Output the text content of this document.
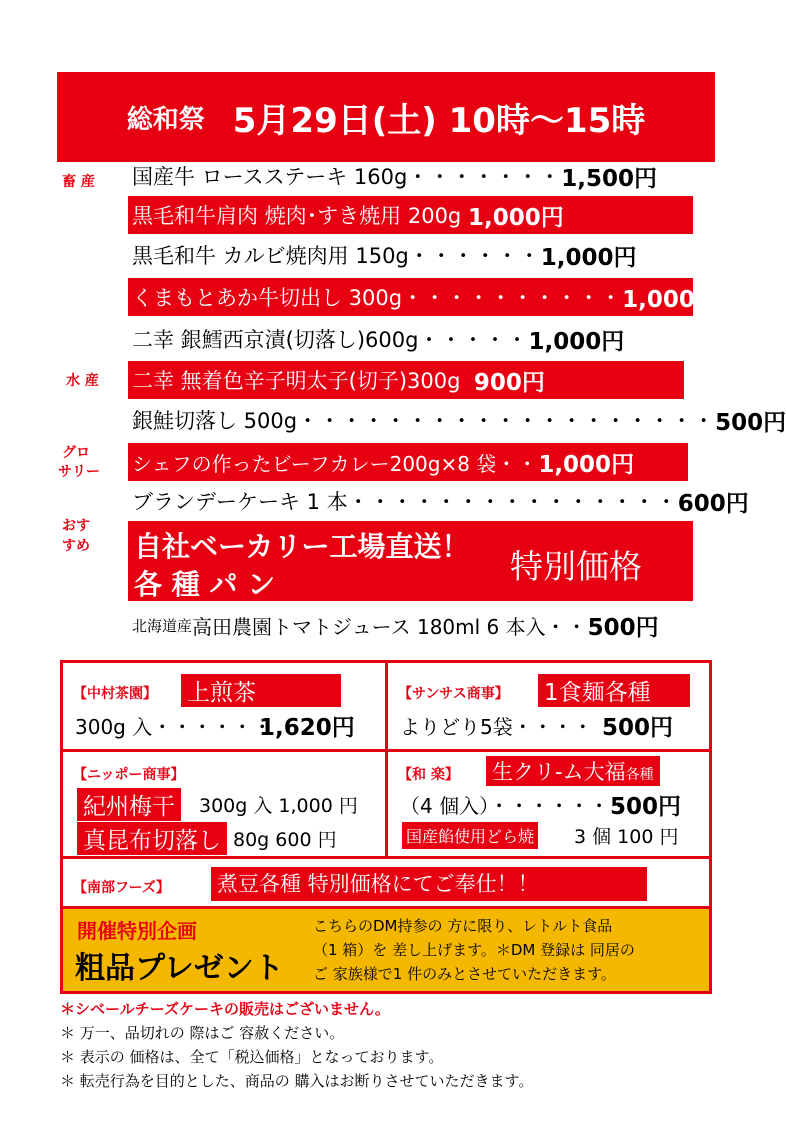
総和祭 5月29日(土) 10時〜15時
畜 産
水 産
グロ
サリー
おす
すめ
国産牛 ロースステーキ 160g ・・・・・・・ 1,500円
黒毛和牛肩肉 焼肉･すき焼用 200g
1,000円
黒毛和牛 カルビ焼肉用 150g ・・・・・・ 1,000円
くまもとあか牛切出し 300g ・・・・・・・・・・ 1,000円
二幸 銀鱈西京漬(切落し)600g ・・・・・ 1,000円
二幸 無着色辛子明太子(切子)300g
900円
銀鮭切落し 500g ・・・・・・・・・・・・・・・・・・・ 500円
シェフの作ったビーフカレー200g×8 袋 ・・ 1,000円
ブランデーケーキ 1 本 ・・・・・・・・・・・・・・・ 600円
自社ベーカリー工場直送！
各 種 パ ン	特別価格
北海道産 高田農園トマトジュース 180ml 6 本入 ・・ 500円
【中村茶園】 上煎茶
300g 入・・・・・・
1,620円
【サンサス商事】 1食麺各種
よりどり5袋・・・・ 500円
【ニッポー商事】
紀州梅干	300g 入 1,000 円
真昆布切落し 80g 600 円
【和 楽】 生クリ-ム大福各種
（4 個入）・・・・・・・
500円
国産餡使用どら焼 3 個 100 円
【南部フーズ】 煮豆各種 特別価格にてご奉仕！！
開催特別企画
粗品プレゼント
こちらのDM持参の 方に限り、レトルト食品
（1 箱）を 差し上げます。＊DM 登録は 同居の
ご 家族様で1 件のみとさせていただきます。
＊シベールチーズケーキの販売はございません。
＊ 万一、品切れの 際はご 容赦ください。
＊ 表示の 価格は、全て「税込価格」となっております。
＊ 転売行為を目的とした、商品の 購入はお断りさせていただきます。
